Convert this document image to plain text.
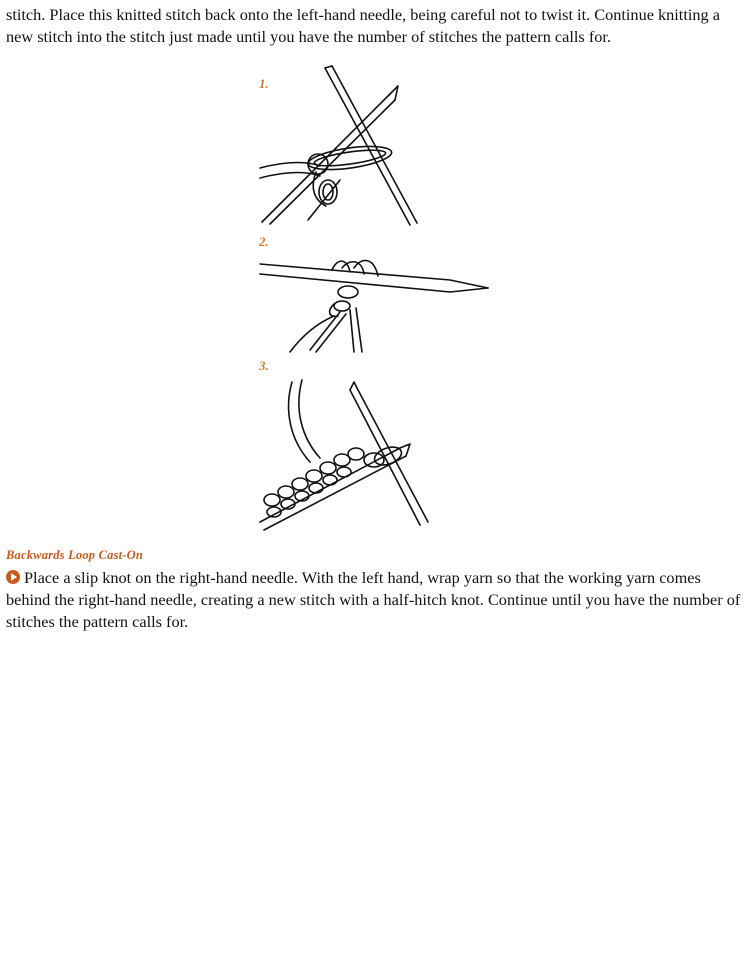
stitch. Place this knitted stitch back onto the left-hand needle, being careful not to twist it. Continue knitting a new stitch into the stitch just made until you have the number of stitches the pattern calls for.

1.
2.
3.
Backwards Loop Cast-On

Place a slip knot on the right-hand needle. With the left hand, wrap yarn so that the working yarn comes behind the right-hand needle, creating a new stitch with a half-hitch knot. Continue until you have the number of stitches the pattern calls for.
